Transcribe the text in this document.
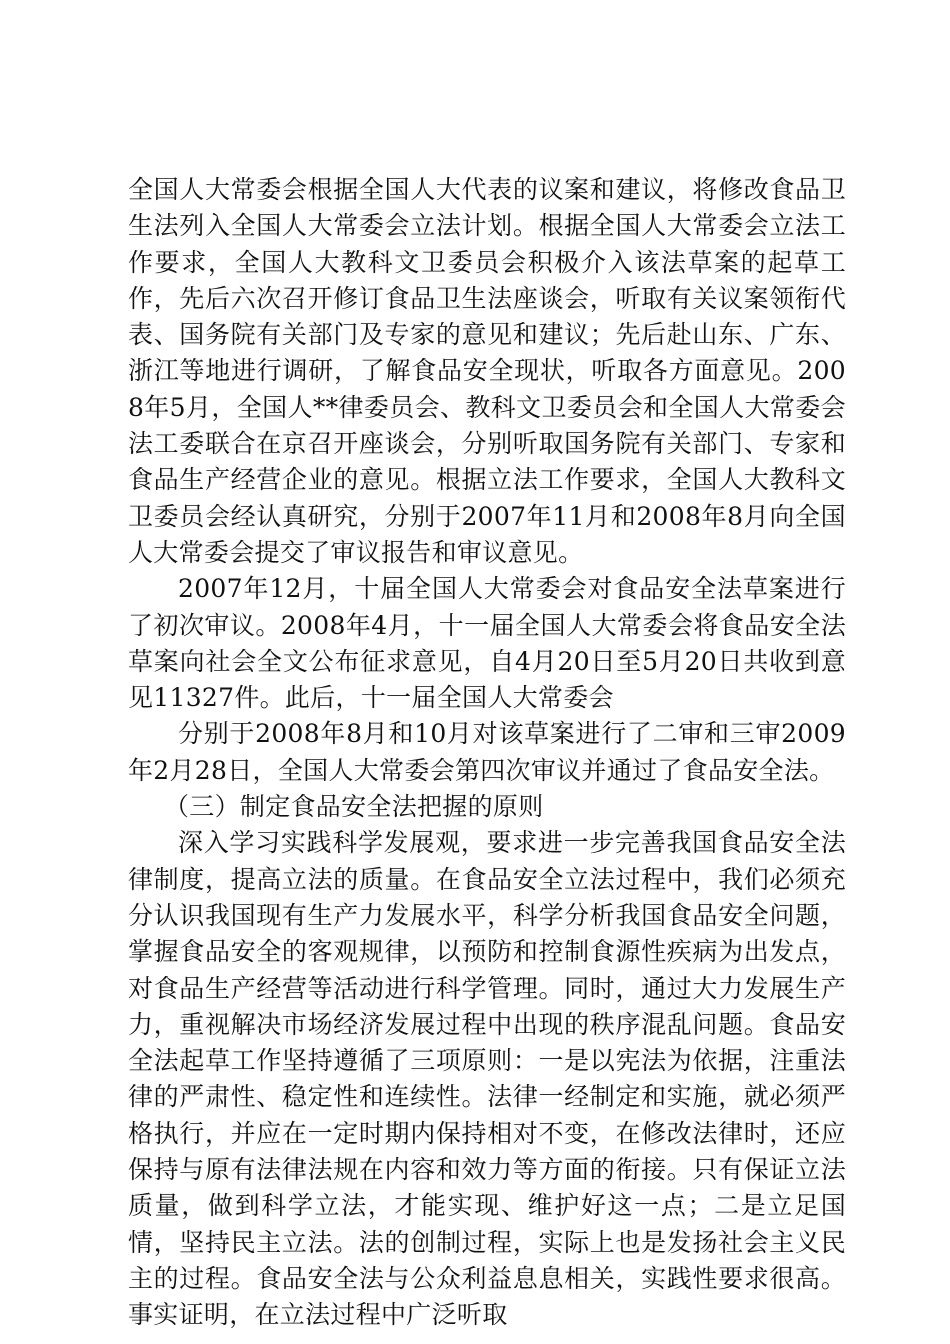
全国人大常委会根据全国人大代表的议案和建议，将修改食品卫生法列入全国人大常委会立法计划。根据全国人大常委会立法工作要求，全国人大教科文卫委员会积极介入该法草案的起草工作，先后六次召开修订食品卫生法座谈会，听取有关议案领衔代表、国务院有关部门及专家的意见和建议；先后赴山东、广东、浙江等地进行调研，了解食品安全现状，听取各方面意见。2008年5月，全国人**律委员会、教科文卫委员会和全国人大常委会法工委联合在京召开座谈会，分别听取国务院有关部门、专家和食品生产经营企业的意见。根据立法工作要求，全国人大教科文卫委员会经认真研究，分别于2007年11月和2008年8月向全国人大常委会提交了审议报告和审议意见。

2007年12月，十届全国人大常委会对食品安全法草案进行了初次审议。2008年4月，十一届全国人大常委会将食品安全法草案向社会全文公布征求意见，自4月20日至5月20日共收到意见11327件。此后，十一届全国人大常委会

分别于2008年8月和10月对该草案进行了二审和三审2009年2月28日，全国人大常委会第四次审议并通过了食品安全法。

（三）制定食品安全法把握的原则

深入学习实践科学发展观，要求进一步完善我国食品安全法律制度，提高立法的质量。在食品安全立法过程中，我们必须充分认识我国现有生产力发展水平，科学分析我国食品安全问题，掌握食品安全的客观规律，以预防和控制食源性疾病为出发点，对食品生产经营等活动进行科学管理。同时，通过大力发展生产力，重视解决市场经济发展过程中出现的秩序混乱问题。食品安全法起草工作坚持遵循了三项原则：一是以宪法为依据，注重法律的严肃性、稳定性和连续性。法律一经制定和实施，就必须严格执行，并应在一定时期内保持相对不变，在修改法律时，还应保持与原有法律法规在内容和效力等方面的衔接。只有保证立法质量，做到科学立法，才能实现、维护好这一点；二是立足国情，坚持民主立法。法的创制过程，实际上也是发扬社会主义民主的过程。食品安全法与公众利益息息相关，实践性要求很高。事实证明，在立法过程中广泛听取
